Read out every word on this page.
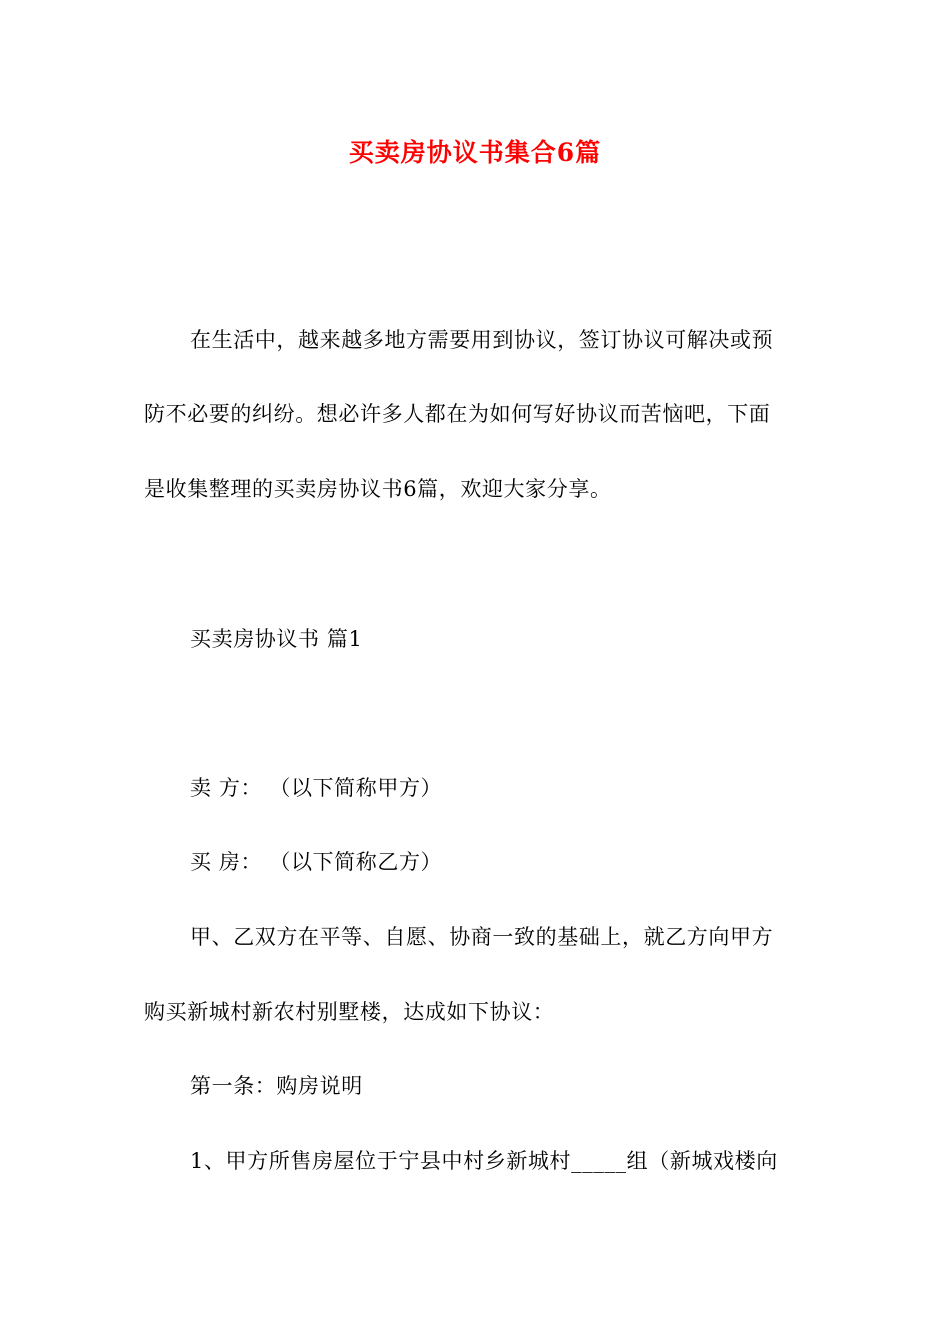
买卖房协议书集合6篇
在生活中，越来越多地方需要用到协议，签订协议可解决或预
防不必要的纠纷。想必许多人都在为如何写好协议而苦恼吧，下面
是收集整理的买卖房协议书6篇，欢迎大家分享。
买卖房协议书 篇1
卖 方： （以下简称甲方）
买 房： （以下简称乙方）
甲、乙双方在平等、自愿、协商一致的基础上，就乙方向甲方
购买新城村新农村别墅楼，达成如下协议：
第一条：购房说明
1、甲方所售房屋位于宁县中村乡新城村_____组（新城戏楼向
